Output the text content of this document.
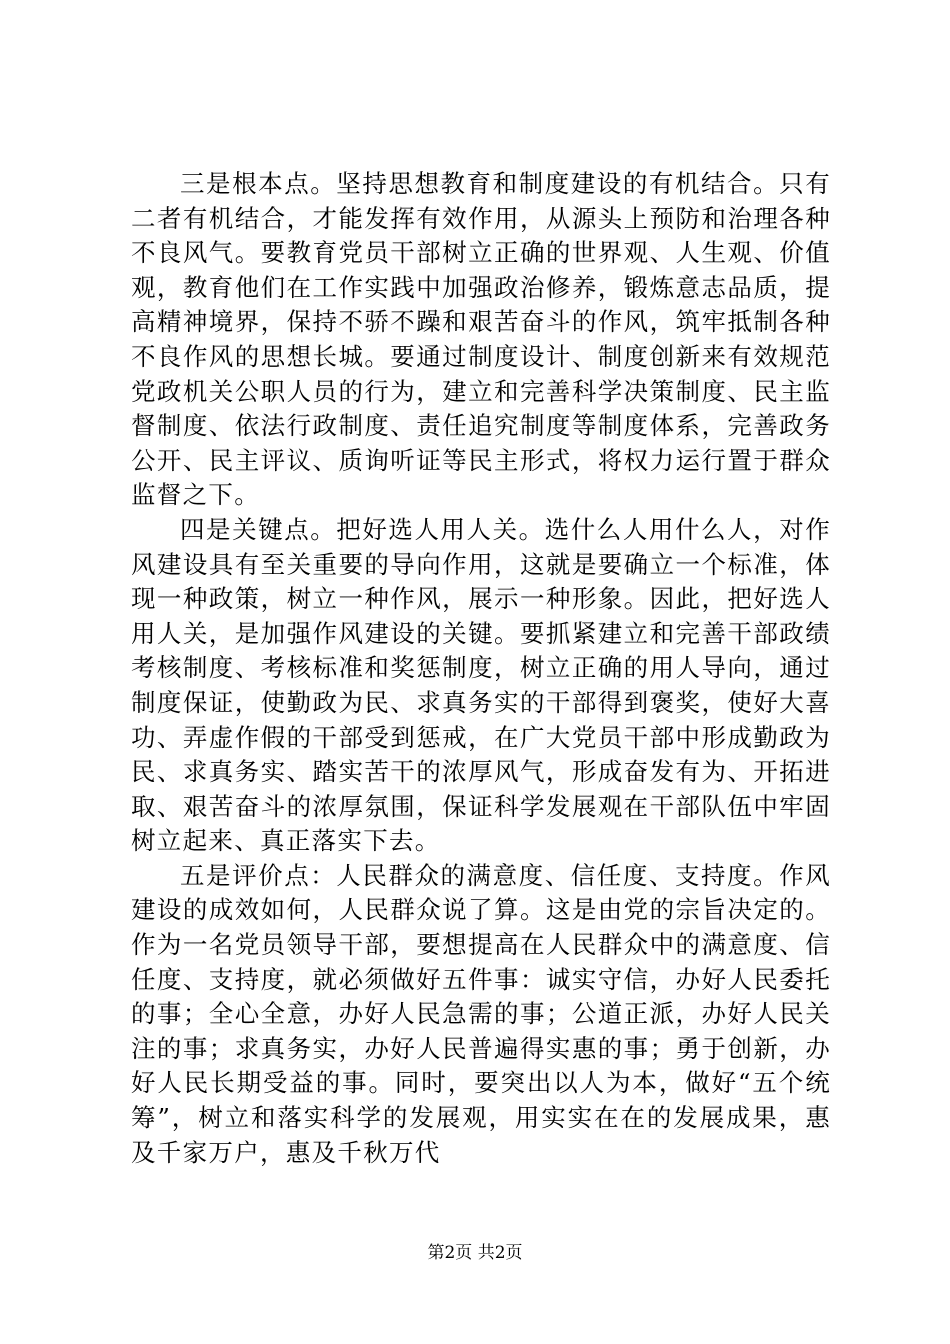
三是根本点。坚持思想教育和制度建设的有机结合。只有二者有机结合，才能发挥有效作用，从源头上预防和治理各种不良风气。要教育党员干部树立正确的世界观、人生观、价值观，教育他们在工作实践中加强政治修养，锻炼意志品质，提高精神境界，保持不骄不躁和艰苦奋斗的作风，筑牢抵制各种不良作风的思想长城。要通过制度设计、制度创新来有效规范党政机关公职人员的行为，建立和完善科学决策制度、民主监督制度、依法行政制度、责任追究制度等制度体系，完善政务公开、民主评议、质询听证等民主形式，将权力运行置于群众监督之下。

四是关键点。把好选人用人关。选什么人用什么人，对作风建设具有至关重要的导向作用，这就是要确立一个标准，体现一种政策，树立一种作风，展示一种形象。因此，把好选人用人关，是加强作风建设的关键。要抓紧建立和完善干部政绩考核制度、考核标准和奖惩制度，树立正确的用人导向，通过制度保证，使勤政为民、求真务实的干部得到褒奖，使好大喜功、弄虚作假的干部受到惩戒，在广大党员干部中形成勤政为民、求真务实、踏实苦干的浓厚风气，形成奋发有为、开拓进取、艰苦奋斗的浓厚氛围，保证科学发展观在干部队伍中牢固树立起来、真正落实下去。

五是评价点：人民群众的满意度、信任度、支持度。作风建设的成效如何，人民群众说了算。这是由党的宗旨决定的。作为一名党员领导干部，要想提高在人民群众中的满意度、信任度、支持度，就必须做好五件事：诚实守信，办好人民委托的事；全心全意，办好人民急需的事；公道正派，办好人民关注的事；求真务实，办好人民普遍得实惠的事；勇于创新，办好人民长期受益的事。同时，要突出以人为本，做好“五个统筹”，树立和落实科学的发展观，用实实在在的发展成果，惠及千家万户，惠及千秋万代

第2页 共2页
